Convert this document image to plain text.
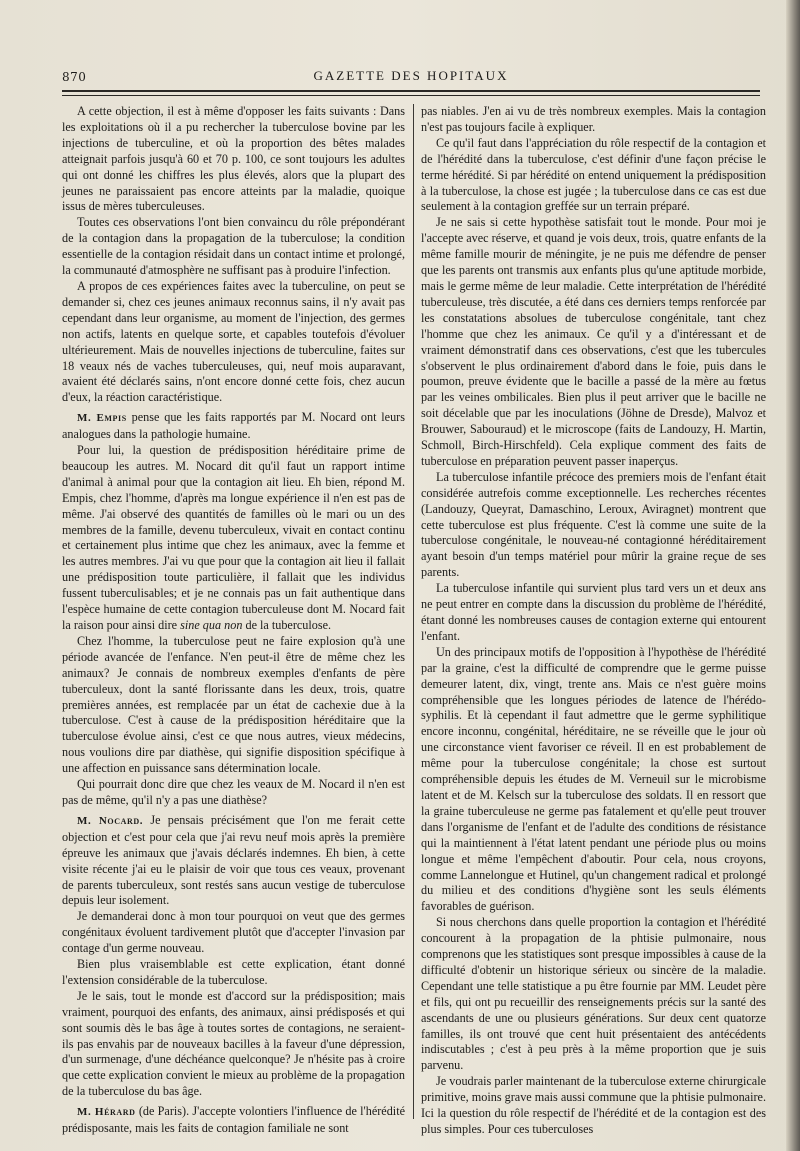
870	GAZETTE DES HOPITAUX

A cette objection, il est à même d'opposer les faits suivants : Dans les exploitations où il a pu rechercher la tuberculose bovine par les injections de tuberculine, et où la proportion des bêtes malades atteignait parfois jusqu'à 60 et 70 p. 100, ce sont toujours les adultes qui ont donné les chiffres les plus élevés, alors que la plupart des jeunes ne paraissaient pas encore atteints par la maladie, quoique issus de mères tuberculeuses.

Toutes ces observations l'ont bien convaincu du rôle prépondérant de la contagion dans la propagation de la tuberculose; la condition essentielle de la contagion résidait dans un contact intime et prolongé, la communauté d'atmosphère ne suffisant pas à produire l'infection.

A propos de ces expériences faites avec la tuberculine, on peut se demander si, chez ces jeunes animaux reconnus sains, il n'y avait pas cependant dans leur organisme, au moment de l'injection, des germes non actifs, latents en quelque sorte, et capables toutefois d'évoluer ultérieurement. Mais de nouvelles injections de tuberculine, faites sur 18 veaux nés de vaches tuberculeuses, qui, neuf mois auparavant, avaient été déclarés sains, n'ont encore donné cette fois, chez aucun d'eux, la réaction caractéristique.

M. Empis pense que les faits rapportés par M. Nocard ont leurs analogues dans la pathologie humaine.

Pour lui, la question de prédisposition héréditaire prime de beaucoup les autres. M. Nocard dit qu'il faut un rapport intime d'animal à animal pour que la contagion ait lieu. Eh bien, répond M. Empis, chez l'homme, d'après ma longue expérience il n'en est pas de même. J'ai observé des quantités de familles où le mari ou un des membres de la famille, devenu tuberculeux, vivait en contact continu et certainement plus intime que chez les animaux, avec la femme et les autres membres. J'ai vu que pour que la contagion ait lieu il fallait une prédisposition toute particulière, il fallait que les individus fussent tuberculisables; et je ne connais pas un fait authentique dans l'espèce humaine de cette contagion tuberculeuse dont M. Nocard fait la raison pour ainsi dire sine qua non de la tuberculose.

Chez l'homme, la tuberculose peut ne faire explosion qu'à une période avancée de l'enfance. N'en peut-il être de même chez les animaux? Je connais de nombreux exemples d'enfants de père tuberculeux, dont la santé florissante dans les deux, trois, quatre premières années, est remplacée par un état de cachexie due à la tuberculose. C'est à cause de la prédisposition héréditaire que la tuberculose évolue ainsi, c'est ce que nous autres, vieux médecins, nous voulions dire par diathèse, qui signifie disposition spécifique à une affection en puissance sans détermination locale.

Qui pourrait donc dire que chez les veaux de M. Nocard il n'en est pas de même, qu'il n'y a pas une diathèse?

M. Nocard. Je pensais précisément que l'on me ferait cette objection et c'est pour cela que j'ai revu neuf mois après la première épreuve les animaux que j'avais déclarés indemnes. Eh bien, à cette visite récente j'ai eu le plaisir de voir que tous ces veaux, provenant de parents tuberculeux, sont restés sans aucun vestige de tuberculose depuis leur isolement.

Je demanderai donc à mon tour pourquoi on veut que des germes congénitaux évoluent tardivement plutôt que d'accepter l'invasion par contage d'un germe nouveau.

Bien plus vraisemblable est cette explication, étant donné l'extension considérable de la tuberculose.

Je le sais, tout le monde est d'accord sur la prédisposition; mais vraiment, pourquoi des enfants, des animaux, ainsi prédisposés et qui sont soumis dès le bas âge à toutes sortes de contagions, ne seraient-ils pas envahis par de nouveaux bacilles à la faveur d'une dépression, d'un surmenage, d'une déchéance quelconque? Je n'hésite pas à croire que cette explication convient le mieux au problème de la propagation de la tuberculose du bas âge.

M. Hérard (de Paris). J'accepte volontiers l'influence de l'hérédité prédisposante, mais les faits de contagion familiale ne sont

pas niables. J'en ai vu de très nombreux exemples. Mais la contagion n'est pas toujours facile à expliquer.

Ce qu'il faut dans l'appréciation du rôle respectif de la contagion et de l'hérédité dans la tuberculose, c'est définir d'une façon précise le terme hérédité. Si par hérédité on entend uniquement la prédisposition à la tuberculose, la chose est jugée ; la tuberculose dans ce cas est due seulement à la contagion greffée sur un terrain préparé.

Je ne sais si cette hypothèse satisfait tout le monde. Pour moi je l'accepte avec réserve, et quand je vois deux, trois, quatre enfants de la même famille mourir de méningite, je ne puis me défendre de penser que les parents ont transmis aux enfants plus qu'une aptitude morbide, mais le germe même de leur maladie. Cette interprétation de l'hérédité tuberculeuse, très discutée, a été dans ces derniers temps renforcée par les constatations absolues de tuberculose congénitale, tant chez l'homme que chez les animaux. Ce qu'il y a d'intéressant et de vraiment démonstratif dans ces observations, c'est que les tubercules s'observent le plus ordinairement d'abord dans le foie, puis dans le poumon, preuve évidente que le bacille a passé de la mère au fœtus par les veines ombilicales. Bien plus il peut arriver que le bacille ne soit décelable que par les inoculations (Jöhne de Dresde), Malvoz et Brouwer, Sabouraud) et le microscope (faits de Landouzy, H. Martin, Schmoll, Birch-Hirschfeld). Cela explique comment des faits de tuberculose en préparation peuvent passer inaperçus.

La tuberculose infantile précoce des premiers mois de l'enfant était considérée autrefois comme exceptionnelle. Les recherches récentes (Landouzy, Queyrat, Damaschino, Leroux, Aviragnet) montrent que cette tuberculose est plus fréquente. C'est là comme une suite de la tuberculose congénitale, le nouveau-né contagionné héréditairement ayant besoin d'un temps matériel pour mûrir la graine reçue de ses parents.

La tuberculose infantile qui survient plus tard vers un et deux ans ne peut entrer en compte dans la discussion du problème de l'hérédité, étant donné les nombreuses causes de contagion externe qui entourent l'enfant.

Un des principaux motifs de l'opposition à l'hypothèse de l'hérédité par la graine, c'est la difficulté de comprendre que le germe puisse demeurer latent, dix, vingt, trente ans. Mais ce n'est guère moins compréhensible que les longues périodes de latence de l'hérédo-syphilis. Et là cependant il faut admettre que le germe syphilitique encore inconnu, congénital, héréditaire, ne se réveille que le jour où une circonstance vient favoriser ce réveil. Il en est probablement de même pour la tuberculose congénitale; la chose est surtout compréhensible depuis les études de M. Verneuil sur le microbisme latent et de M. Kelsch sur la tuberculose des soldats. Il en ressort que la graine tuberculeuse ne germe pas fatalement et qu'elle peut trouver dans l'organisme de l'enfant et de l'adulte des conditions de résistance qui la maintiennent à l'état latent pendant une période plus ou moins longue et même l'empêchent d'aboutir. Pour cela, nous croyons, comme Lannelongue et Hutinel, qu'un changement radical et prolongé du milieu et des conditions d'hygiène sont les seuls éléments favorables de guérison.

Si nous cherchons dans quelle proportion la contagion et l'hérédité concourent à la propagation de la phtisie pulmonaire, nous comprenons que les statistiques sont presque impossibles à cause de la difficulté d'obtenir un historique sérieux ou sincère de la maladie. Cependant une telle statistique a pu être fournie par MM. Leudet père et fils, qui ont pu recueillir des renseignements précis sur la santé des ascendants de une ou plusieurs générations. Sur deux cent quatorze familles, ils ont trouvé que cent huit présentaient des antécédents indiscutables ; c'est à peu près à la même proportion que je suis parvenu.

Je voudrais parler maintenant de la tuberculose externe chirurgicale primitive, moins grave mais aussi commune que la phtisie pulmonaire. Ici la question du rôle respectif de l'hérédité et de la contagion est des plus simples. Pour ces tuberculoses
